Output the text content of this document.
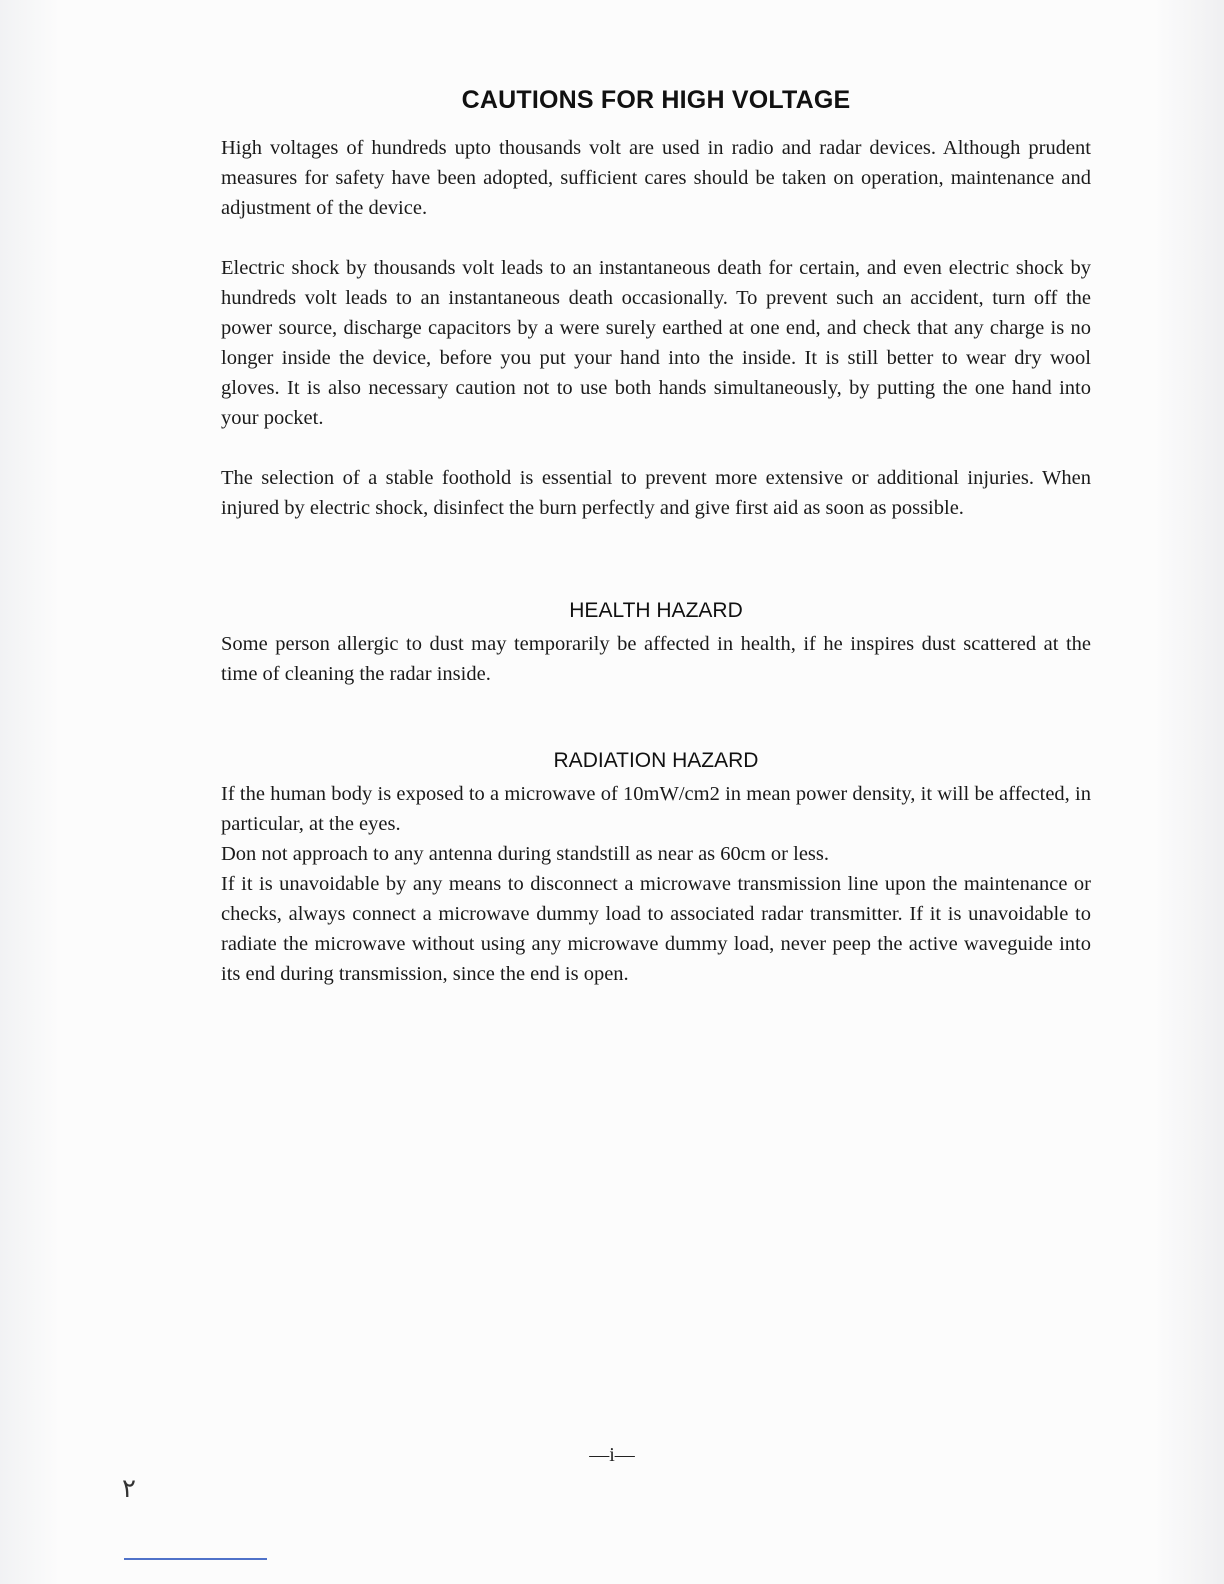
CAUTIONS FOR HIGH VOLTAGE

High voltages of hundreds upto thousands volt are used in radio and radar devices. Although prudent measures for safety have been adopted, sufficient cares should be taken on operation, maintenance and adjustment of the device.

Electric shock by thousands volt leads to an instantaneous death for certain, and even electric shock by hundreds volt leads to an instantaneous death occasionally. To prevent such an accident, turn off the power source, discharge capacitors by a were surely earthed at one end, and check that any charge is no longer inside the device, before you put your hand into the inside. It is still better to wear dry wool gloves. It is also necessary caution not to use both hands simultaneously, by putting the one hand into your pocket.

The selection of a stable foothold is essential to prevent more extensive or additional injuries. When injured by electric shock, disinfect the burn perfectly and give first aid as soon as possible.

HEALTH HAZARD

Some person allergic to dust may temporarily be affected in health, if he inspires dust scattered at the time of cleaning the radar inside.

RADIATION HAZARD

If the human body is exposed to a microwave of 10mW/cm2 in mean power density, it will be affected, in particular, at the eyes.

Don not approach to any antenna during standstill as near as 60cm or less.

If it is unavoidable by any means to disconnect a microwave transmission line upon the maintenance or checks, always connect a microwave dummy load to associated radar transmitter. If it is unavoidable to radiate the microwave without using any microwave dummy load, never peep the active waveguide into its end during transmission, since the end is open.

—i—
۲
